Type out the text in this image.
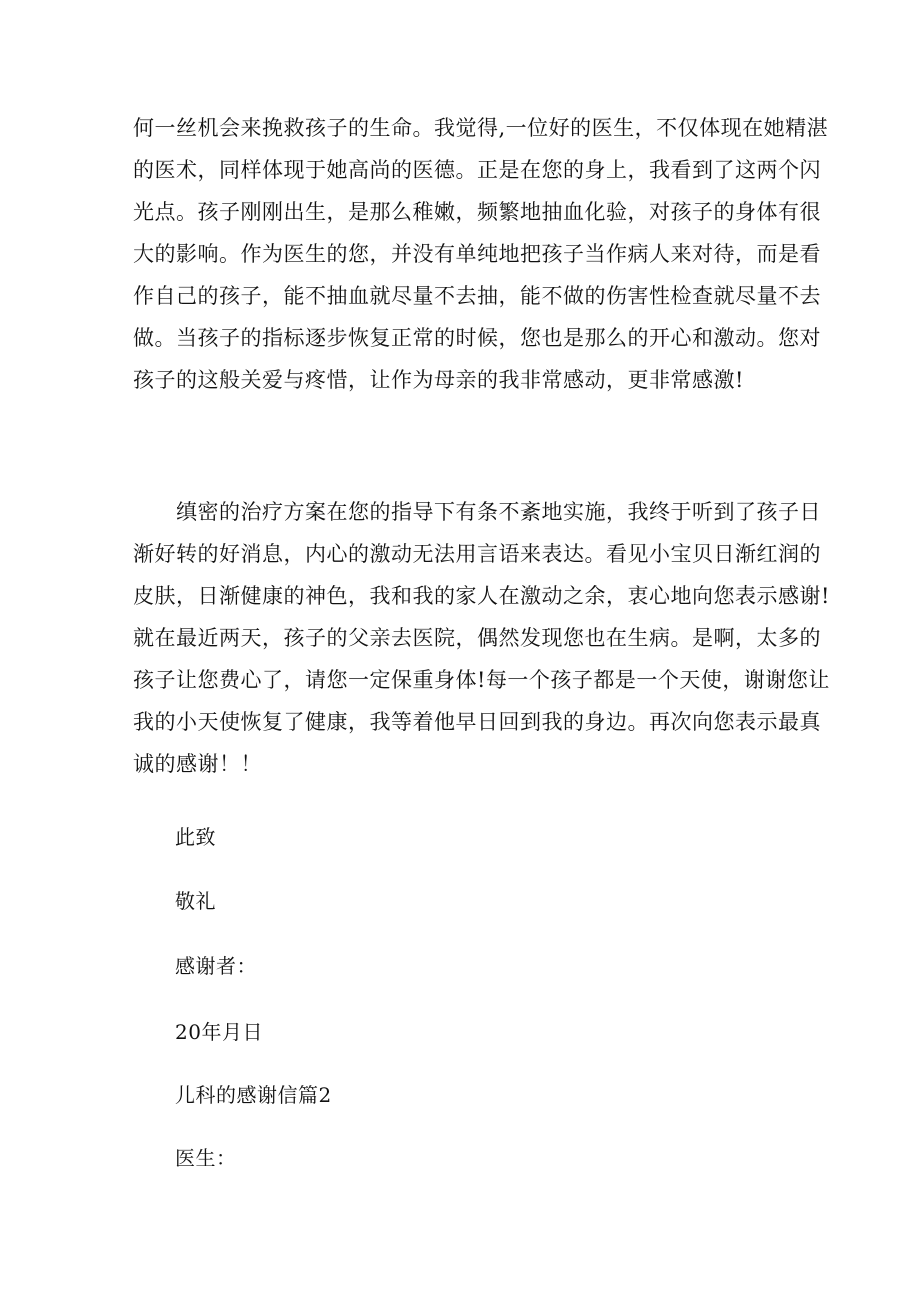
何一丝机会来挽救孩子的生命。我觉得,一位好的医生，不仅体现在她精湛
的医术，同样体现于她高尚的医德。正是在您的身上，我看到了这两个闪
光点。孩子刚刚出生，是那么稚嫩，频繁地抽血化验，对孩子的身体有很
大的影响。作为医生的您，并没有单纯地把孩子当作病人来对待，而是看
作自己的孩子，能不抽血就尽量不去抽，能不做的伤害性检查就尽量不去
做。当孩子的指标逐步恢复正常的时候，您也是那么的开心和激动。您对
孩子的这般关爱与疼惜，让作为母亲的我非常感动，更非常感激!
　　缜密的治疗方案在您的指导下有条不紊地实施，我终于听到了孩子日
渐好转的好消息，内心的激动无法用言语来表达。看见小宝贝日渐红润的
皮肤，日渐健康的神色，我和我的家人在激动之余，衷心地向您表示感谢!
就在最近两天，孩子的父亲去医院，偶然发现您也在生病。是啊，太多的
孩子让您费心了，请您一定保重身体!每一个孩子都是一个天使，谢谢您让
我的小天使恢复了健康，我等着他早日回到我的身边。再次向您表示最真
诚的感谢！！
此致
敬礼
感谢者：
20年月日
儿科的感谢信篇2
医生：
